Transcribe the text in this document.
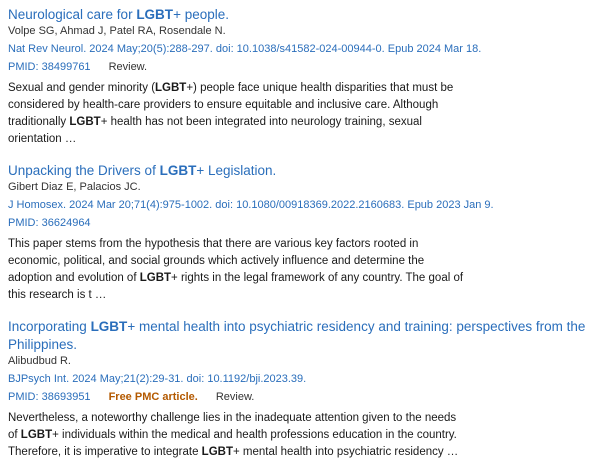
Neurological care for LGBT+ people.
Volpe SG, Ahmad J, Patel RA, Rosendale N.
Nat Rev Neurol. 2024 May;20(5):288-297. doi: 10.1038/s41582-024-00944-0. Epub 2024 Mar 18.
PMID: 38499761 Review.
Sexual and gender minority (LGBT+) people face unique health disparities that must be considered by health-care providers to ensure equitable and inclusive care. Although traditionally LGBT+ health has not been integrated into neurology training, sexual orientation …
Unpacking the Drivers of LGBT+ Legislation.
Gibert Diaz E, Palacios JC.
J Homosex. 2024 Mar 20;71(4):975-1002. doi: 10.1080/00918369.2022.2160683. Epub 2023 Jan 9.
PMID: 36624964
This paper stems from the hypothesis that there are various key factors rooted in economic, political, and social grounds which actively influence and determine the adoption and evolution of LGBT+ rights in the legal framework of any country. The goal of this research is t …
Incorporating LGBT+ mental health into psychiatric residency and training: perspectives from the Philippines.
Alibudbud R.
BJPsych Int. 2024 May;21(2):29-31. doi: 10.1192/bji.2023.39.
PMID: 38693951 Free PMC article. Review.
Nevertheless, a noteworthy challenge lies in the inadequate attention given to the needs of LGBT+ individuals within the medical and health professions education in the country. Therefore, it is imperative to integrate LGBT+ mental health into psychiatric residency …
